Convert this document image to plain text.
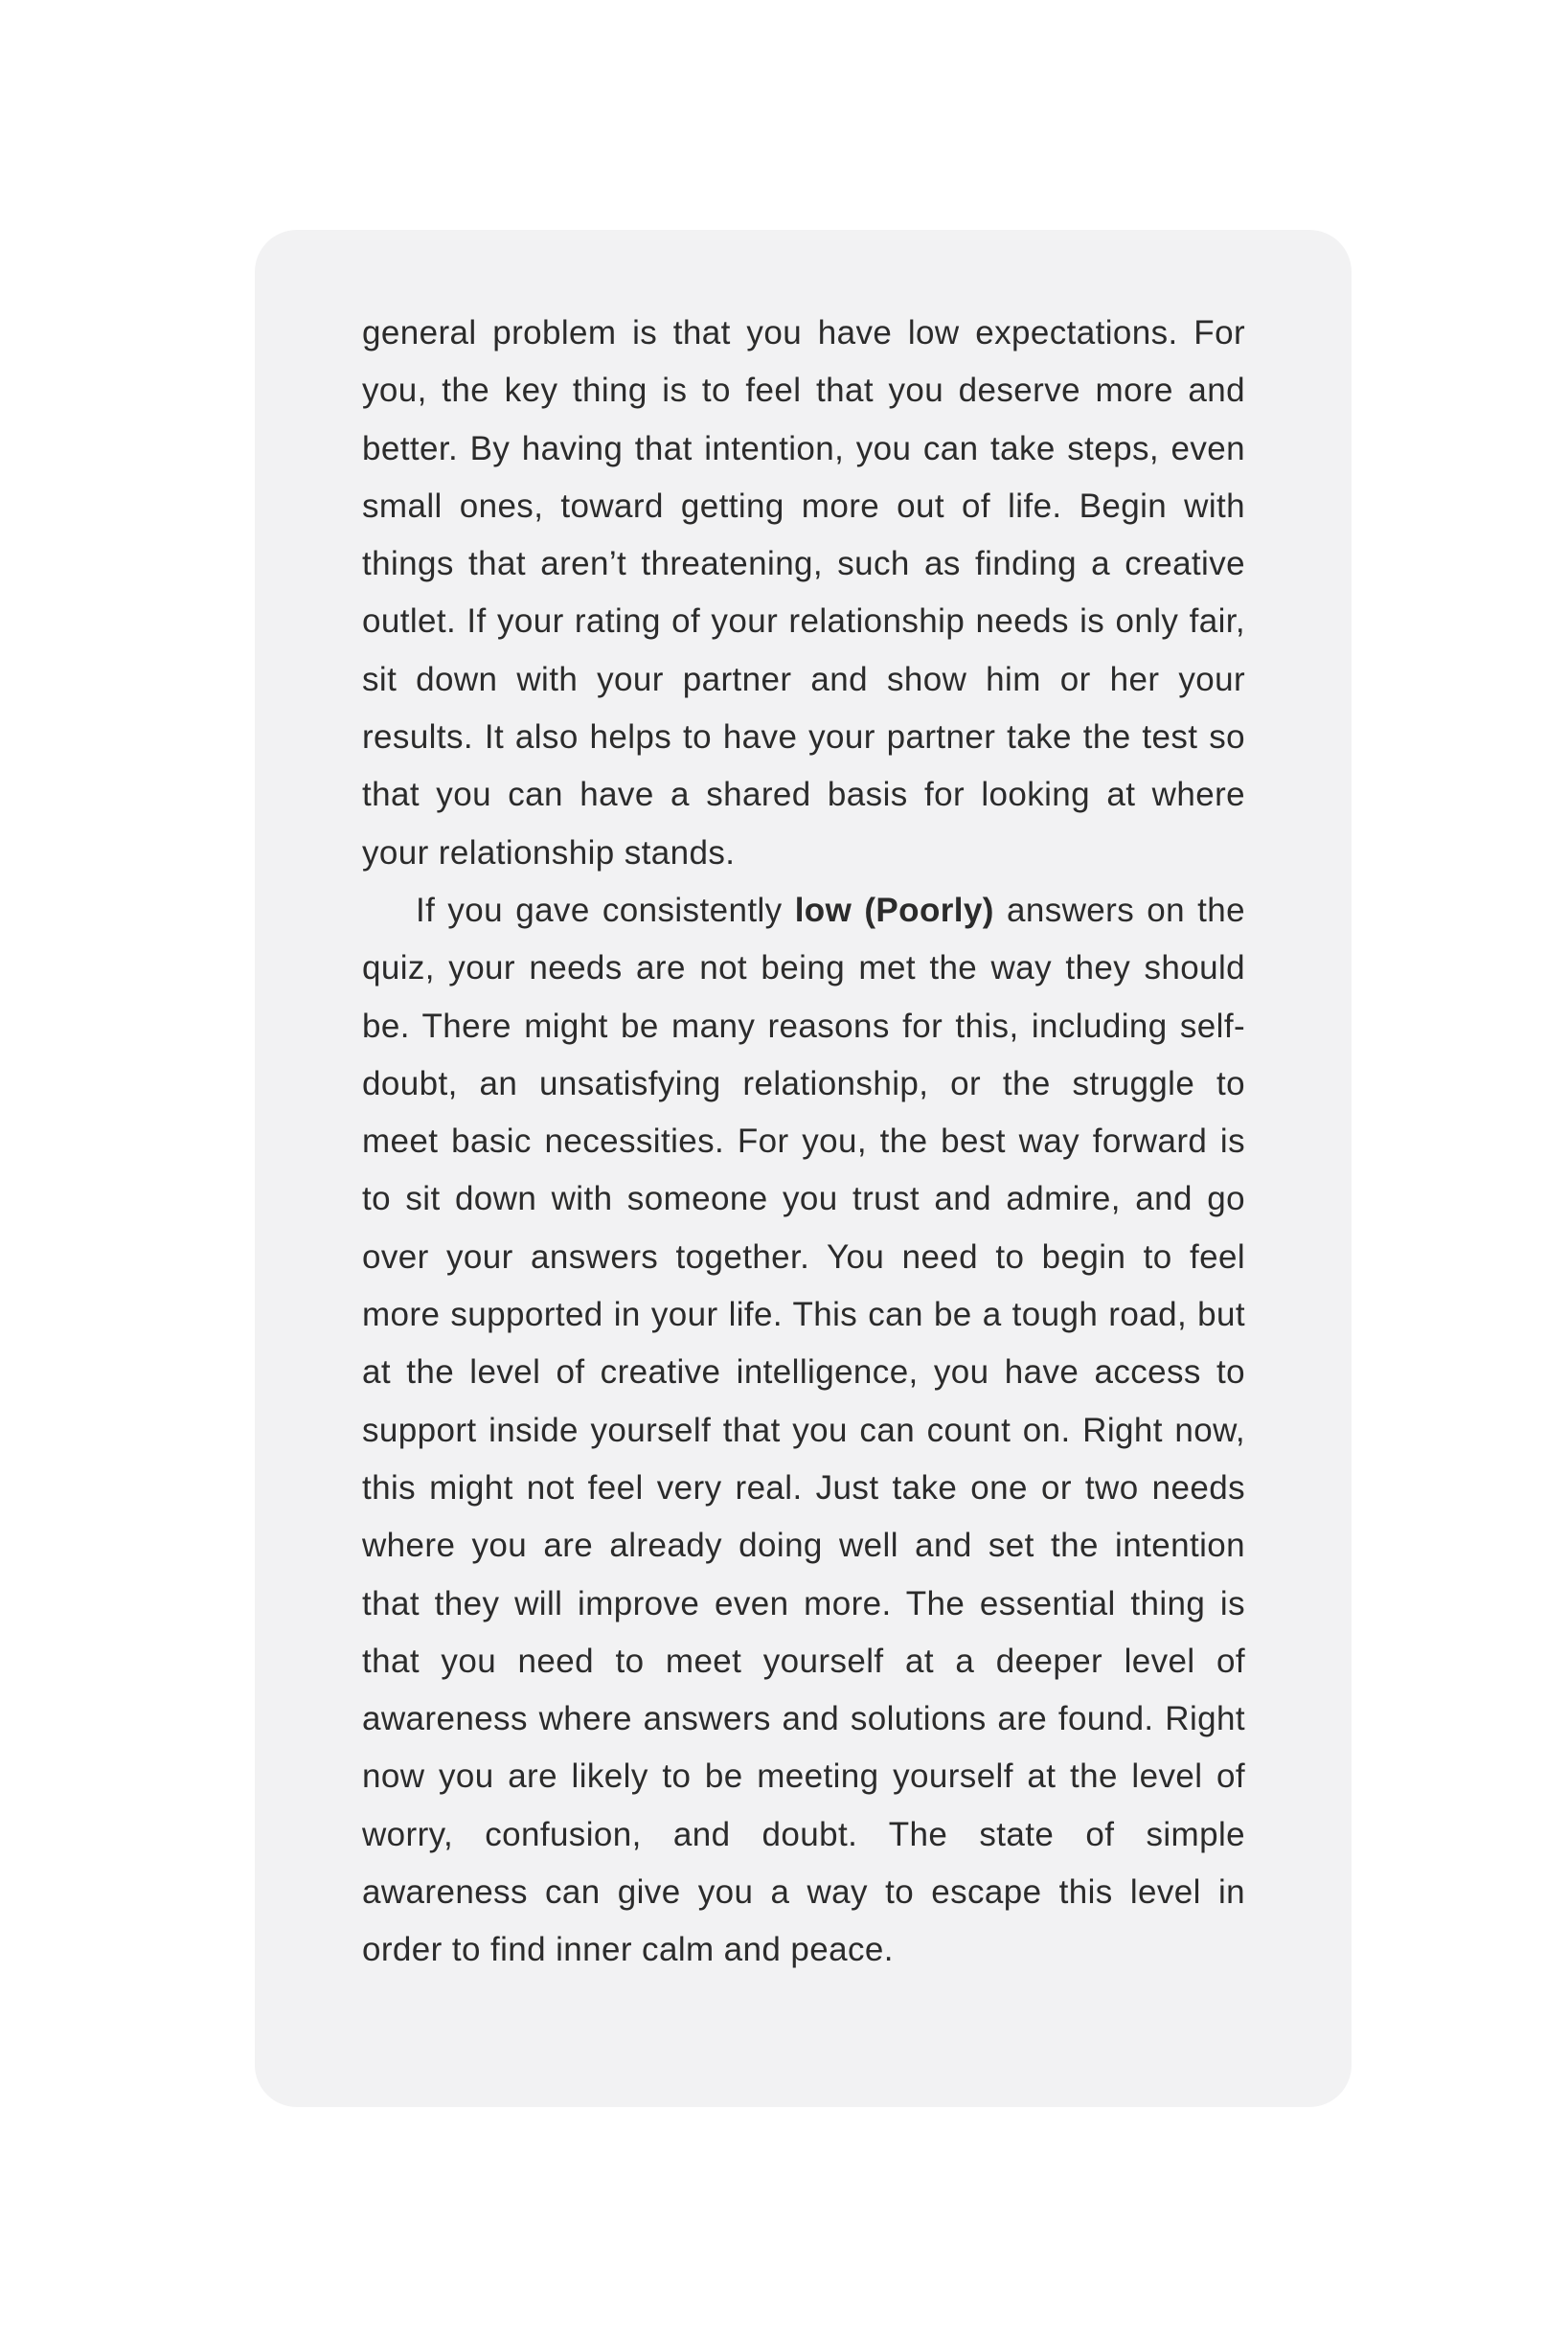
general problem is that you have low expectations. For you, the key thing is to feel that you deserve more and better. By having that intention, you can take steps, even small ones, toward getting more out of life. Begin with things that aren’t threatening, such as finding a creative outlet. If your rating of your relationship needs is only fair, sit down with your partner and show him or her your results. It also helps to have your partner take the test so that you can have a shared basis for looking at where your relationship stands.

If you gave consistently low (Poorly) answers on the quiz, your needs are not being met the way they should be. There might be many reasons for this, including self-doubt, an unsatisfying relationship, or the struggle to meet basic necessities. For you, the best way forward is to sit down with someone you trust and admire, and go over your answers together. You need to begin to feel more supported in your life. This can be a tough road, but at the level of creative intelligence, you have access to support inside yourself that you can count on. Right now, this might not feel very real. Just take one or two needs where you are already doing well and set the intention that they will improve even more. The essential thing is that you need to meet yourself at a deeper level of awareness where answers and solutions are found. Right now you are likely to be meeting yourself at the level of worry, confusion, and doubt. The state of simple awareness can give you a way to escape this level in order to find inner calm and peace.
